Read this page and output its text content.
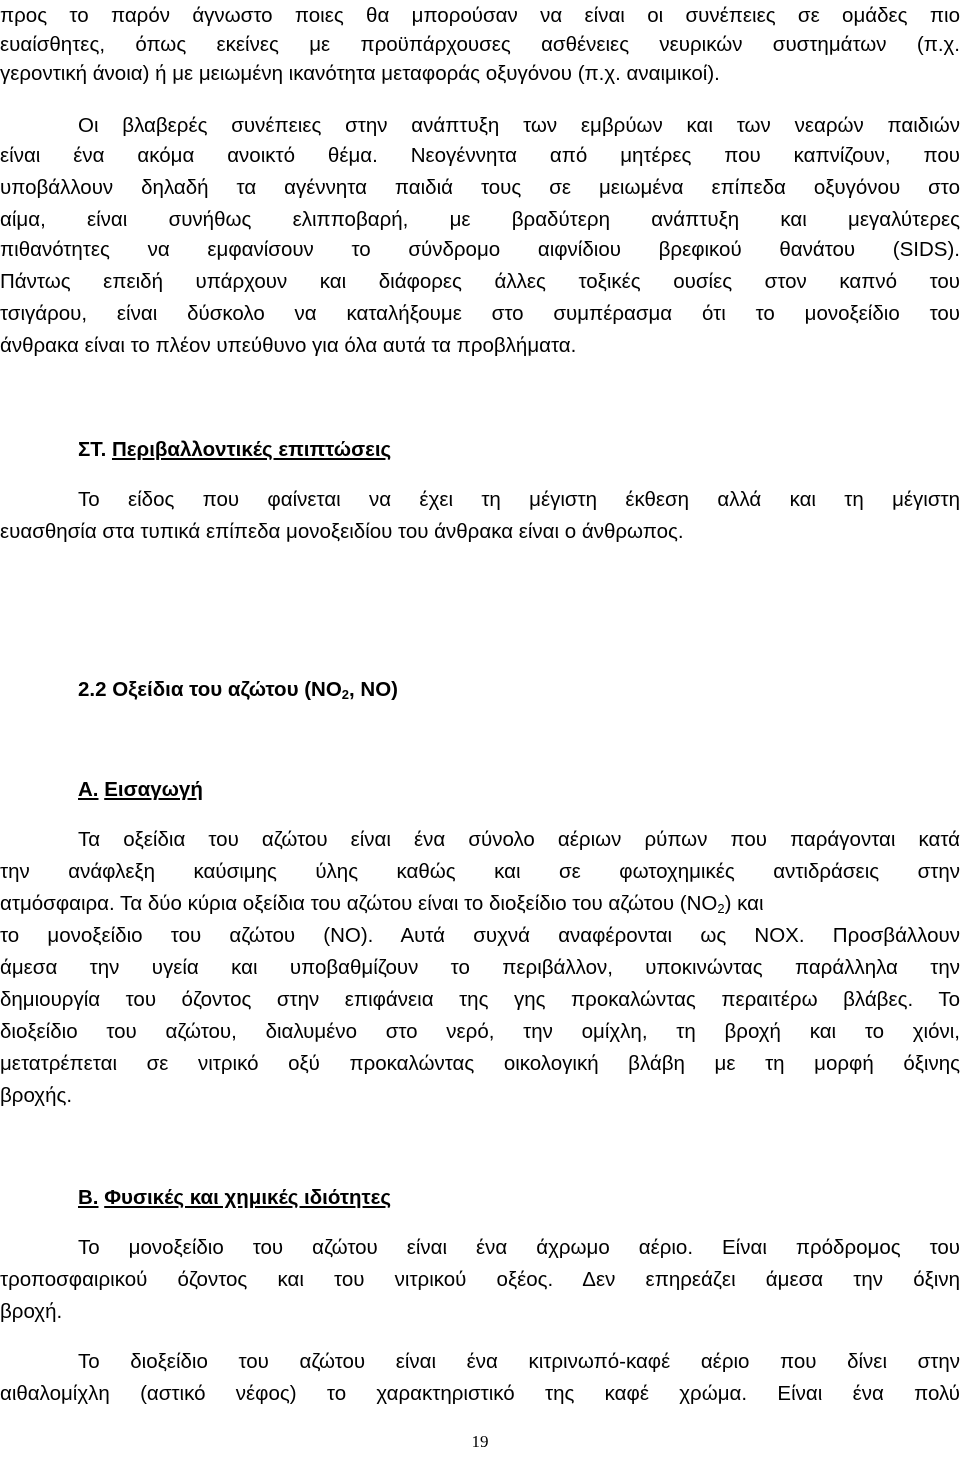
προς το παρόν άγνωστο ποιες θα μπορούσαν να είναι οι συνέπειες σε ομάδες πιο
ευαίσθητες, όπως εκείνες με προϋπάρχουσες ασθένειες νευρικών συστημάτων (π.χ.
γεροντική άνοια) ή με μειωμένη ικανότητα μεταφοράς οξυγόνου (π.χ. αναιμικοί).
Οι βλαβερές συνέπειες στην ανάπτυξη των εμβρύων και των νεαρών παιδιών
είναι ένα ακόμα ανοικτό θέμα. Νεογέννητα από μητέρες που καπνίζουν, που
υποβάλλουν δηλαδή τα αγέννητα παιδιά τους σε μειωμένα επίπεδα οξυγόνου στο
αίμα, είναι συνήθως ελιπποβαρή, με βραδύτερη ανάπτυξη και μεγαλύτερες
πιθανότητες να εμφανίσουν το σύνδρομο αιφνίδιου βρεφικού θανάτου (SIDS).
Πάντως επειδή υπάρχουν και διάφορες άλλες τοξικές ουσίες στον καπνό του
τσιγάρου, είναι δύσκολο να καταλήξουμε στο συμπέρασμα ότι το μονοξείδιο του
άνθρακα είναι το πλέον υπεύθυνο για όλα αυτά τα προβλήματα.
ΣΤ. Περιβαλλοντικές επιπτώσεις
Το είδος που φαίνεται να έχει τη μέγιστη έκθεση αλλά και τη μέγιστη
ευασθησία στα τυπικά επίπεδα μονοξειδίου του άνθρακα είναι ο άνθρωπος.
2.2 Οξείδια του αζώτου ($NO_2$, NO)
Α. Εισαγωγή
Τα οξείδια του αζώτου είναι ένα σύνολο αέριων ρύπων που παράγονται κατά
την ανάφλεξη καύσιμης ύλης καθώς και σε φωτοχημικές αντιδράσεις στην
ατμόσφαιρα. Τα δύο κύρια οξείδια του αζώτου είναι το διοξείδιο του αζώτου $(NO_2)$ και
το μονοξείδιο του αζώτου (NO). Αυτά συχνά αναφέρονται ως NOX. Προσβάλλουν
άμεσα την υγεία και υποβαθμίζουν το περιβάλλον, υποκινώντας παράλληλα την
δημιουργία του όζοντος στην επιφάνεια της γης προκαλώντας περαιτέρω βλάβες. Το
διοξείδιο του αζώτου, διαλυμένο στο νερό, την ομίχλη, τη βροχή και το χιόνι,
μετατρέπεται σε νιτρικό οξύ προκαλώντας οικολογική βλάβη με τη μορφή όξινης
βροχής.
Β. Φυσικές και χημικές ιδιότητες
Το μονοξείδιο του αζώτου είναι ένα άχρωμο αέριο. Είναι πρόδρομος του
τροποσφαιρικού όζοντος και του νιτρικού οξέος. Δεν επηρεάζει άμεσα την όξινη
βροχή.
Το διοξείδιο του αζώτου είναι ένα κιτρινωπό-καφέ αέριο που δίνει στην
αιθαλομίχλη (αστικό νέφος) το χαρακτηριστικό της καφέ χρώμα. Είναι ένα πολύ
19
